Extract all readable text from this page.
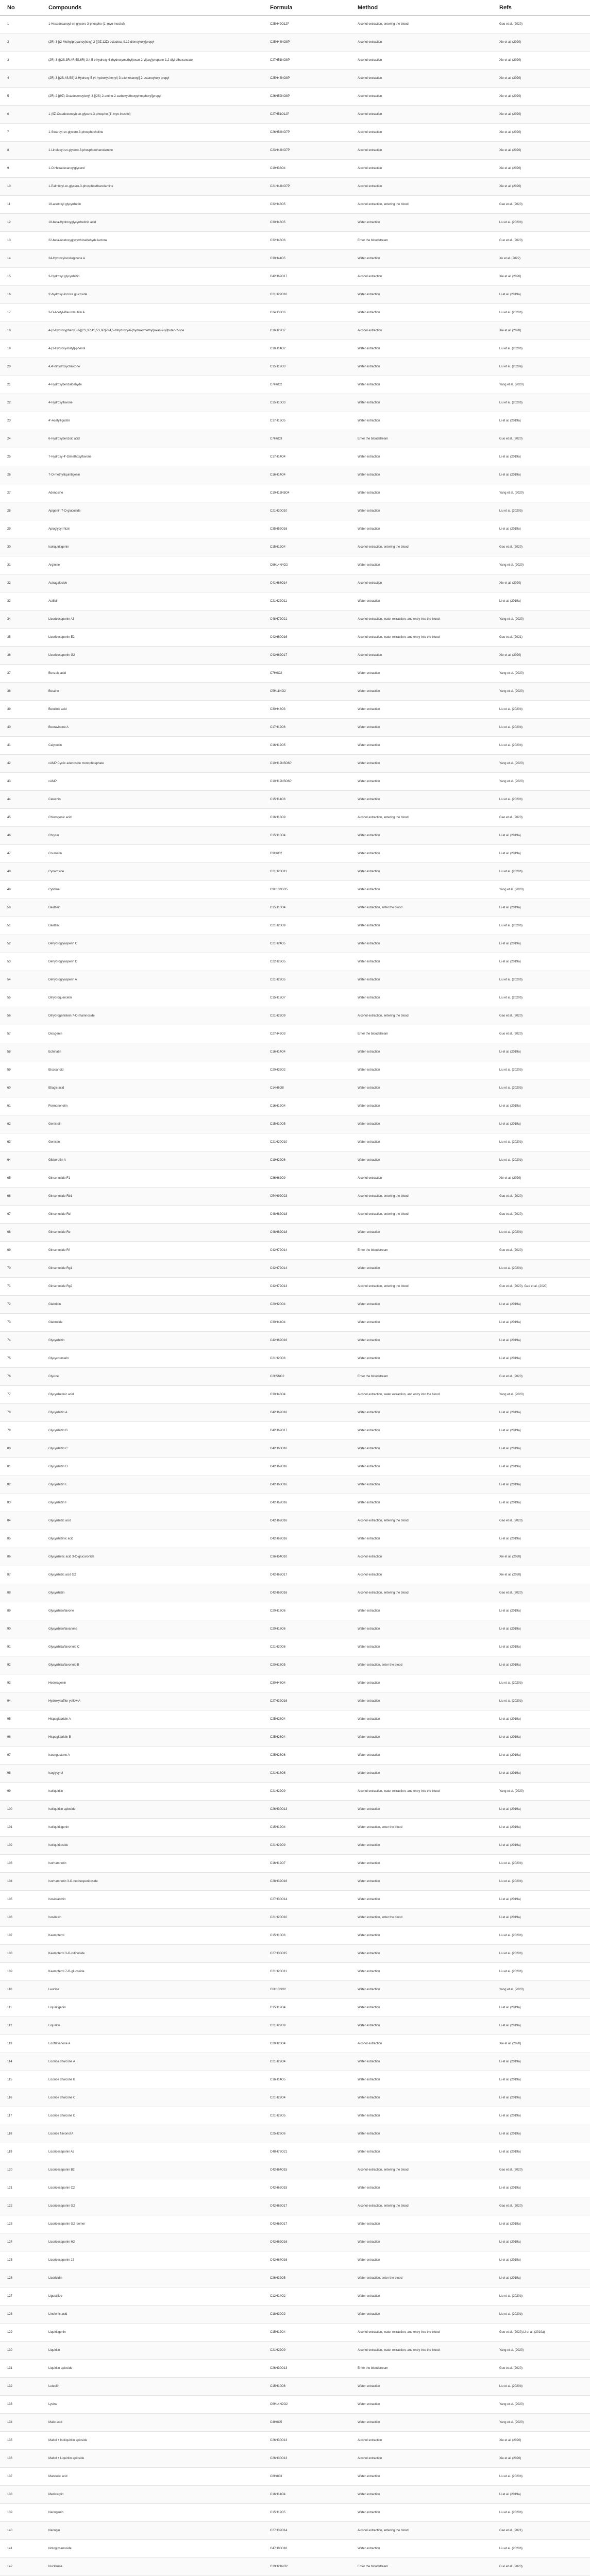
No	Compounds	Formula	Method	Refs
1	1-Hexadecanoyl-sn-glycero-3-phospho-(1'-myo-inositol)	C25H49O12P	Alcohol extraction, entering the blood	Gao et al. (2020)
2	(2R)-3-[(2-Methylpropanoyl)oxy]-2-[(9Z,12Z)-octadeca-9,12-dienoyloxy]propyl	C25H48NO8P	Alcohol extraction	Xie et al. (2020)
3	(2R)-3-{[(2S,3R,4R,5S,6R)-3,4,5-trihydroxy-6-(hydroxymethyl)oxan-2-yl]oxy}propane-1,2-diyl dihexanoate	C27H51NO8P	Alcohol extraction	Xie et al. (2020)
4	(2R)-3-[(2S,4S,5S)-2-Hydroxy-5-(4-hydroxyphenyl)-3-oxohexanoyl]-2-octanoyloxy propyl	C25H48NO8P	Alcohol extraction	Xie et al. (2020)
5	(2R)-2-[(9Z)-Octadecenoyloxy]-3-[(2S)-2-amino-2-carboxyethoxyphosphoryl]propyl	C26H52NO8P	Alcohol extraction	Xie et al. (2020)
6	1-(9Z-Octadecenoyl)-sn-glycero-3-phospho-(1'-myo-inositol)	C27H51O12P	Alcohol extraction	Xie et al. (2020)
7	1-Stearoyl-sn-glycero-3-phosphocholine	C26H54NO7P	Alcohol extraction	Xie et al. (2020)
8	1-Linoleoyl-sn-glycero-3-phosphoethanolamine	C23H44NO7P	Alcohol extraction	Xie et al. (2020)
9	1-O-Hexadecanoylglycerol	C19H38O4	Alcohol extraction	Xie et al. (2020)
10	1-Palmitoyl-sn-glycero-3-phosphoethanolamine	C21H44NO7P	Alcohol extraction	Xie et al. (2020)
11	18-acetoxyl glycyrrhetin	C32H48O5	Alcohol extraction, entering the blood	Gao et al. (2020)
12	18-beta-Hydroxyglycyrrhetinic acid	C30H46O5	Water extraction	Liu et al. (2020b)
13	22-beta-Acetoxyglycyrrhizaldehyde lactone	C32H46O6	Enter the bloodstream	Guo et al. (2020)
14	24-Hydroxyisoviteginone A	C30H44O5	Water extraction	Xu et al. (2022)
15	3-Hydroxyl glycyrrhizin	C42H62O17	Alcohol extraction	Xie et al. (2020)
16	3'-hydroxy-licorice glucoside	C21H22O10	Water extraction	Li et al. (2019a)
17	3-O-Acetyl-Pleuromutilin A	C24H38O6	Water extraction	Liu et al. (2020b)
18	4-(2-Hydroxyphenyl)-3-[(2S,3R,4S,5S,6R)-3,4,5-trihydroxy-6-(hydroxymethyl)oxan-2-yl]butan-2-one	C16H22O7	Alcohol extraction	Xie et al. (2020)
19	4-(3-Hydroxy-butyl)-phenol	C10H14O2	Water extraction	Liu et al. (2020b)
20	4,4'-dihydroxychalcone	C15H12O3	Water extraction	Liu et al. (2020a)
21	4-Hydroxybenzaldehyde	C7H6O2	Water extraction	Yang et al. (2020)
22	4-Hydroxyflavone	C15H10O3	Water extraction	Liu et al. (2020b)
23	4'-Acetylligustin	C17H16O5	Water extraction	Li et al. (2019a)
24	6-Hydroxybenzoic acid	C7H6O3	Enter the bloodstream	Guo et al. (2020)
25	7-Hydroxy-4'-Dimethoxyflavone	C17H14O4	Water extraction	Li et al. (2019a)
26	7-O-methylliquiritigenin	C16H14O4	Water extraction	Li et al. (2019a)
27	Adenosine	C10H13N5O4	Water extraction	Yang et al. (2020)
28	Apigenin 7-O-glucoside	C21H20O10	Water extraction	Liu et al. (2020b)
29	Apioglycyrrhizin	C35H52O16	Water extraction	Li et al. (2019a)
30	Isoliquiritigenin	C15H12O4	Alcohol extraction, entering the blood	Gao et al. (2020)
31	Arginine	C6H14N4O2	Water extraction	Yang et al. (2020)
32	Astragaloside	C41H68O14	Alcohol extraction	Xie et al. (2020)
33	Astilbin	C21H22O11	Water extraction	Li et al. (2019a)
34	Licoricesaponin A3	C48H72O21	Alcohol extraction, water extraction, and entry into the blood	Yang et al. (2020)
35	Licoricesaponin E2	C42H60O16	Alcohol extraction, water extraction, and entry into the blood	Gao et al. (2021)
36	Licoricesaponin G2	C42H62O17	Alcohol extraction	Xie et al. (2020)
37	Benzoic acid	C7H6O2	Water extraction	Yang et al. (2020)
38	Betaine	C5H11NO2	Water extraction	Yang et al. (2020)
39	Betulinic acid	C30H48O3	Water extraction	Liu et al. (2020b)
40	Boeravinone A	C17H12O6	Water extraction	Liu et al. (2020b)
41	Calycosin	C16H12O5	Water extraction	Liu et al. (2020b)
42	cAMP Cyclic adenosine monophosphate	C10H12N5O6P	Water extraction	Yang et al. (2020)
43	cAMP	C10H12N5O6P	Water extraction	Yang et al. (2020)
44	Catechin	C15H14O6	Water extraction	Liu et al. (2020b)
45	Chlorogenic acid	C16H18O9	Alcohol extraction, entering the blood	Gao et al. (2020)
46	Chrysin	C15H10O4	Water extraction	Li et al. (2019a)
47	Coumarin	C9H6O2	Water extraction	Li et al. (2019a)
48	Cynaroside	C21H20O11	Water extraction	Liu et al. (2020b)
49	Cytidine	C9H13N3O5	Water extraction	Yang et al. (2020)
50	Daidzein	C15H10O4	Water extraction, enter the blood	Li et al. (2019a)
51	Daidzin	C21H20O9	Water extraction	Liu et al. (2020b)
52	Dehydroglyasperin C	C21H24O5	Water extraction	Li et al. (2019a)
53	Dehydroglyasperin D	C22H26O5	Water extraction	Li et al. (2019a)
54	Dehydroglyasperin A	C21H22O5	Water extraction	Liu et al. (2020b)
55	Dihydroquercetin	C15H12O7	Water extraction	Liu et al. (2020b)
56	Dihydrogenistein 7-O-rhamnoside	C21H22O9	Alcohol extraction, entering the blood	Gao et al. (2020)
57	Diosgenin	C27H42O3	Enter the bloodstream	Guo et al. (2020)
58	Echinatin	C16H14O4	Water extraction	Li et al. (2019a)
59	Eicosanoid	C20H32O2	Water extraction	Liu et al. (2020b)
60	Ellagic acid	C14H6O8	Water extraction	Liu et al. (2020b)
61	Formononetin	C16H12O4	Water extraction	Li et al. (2019a)
62	Genistein	C15H10O5	Water extraction	Li et al. (2019a)
63	Genistin	C21H20O10	Water extraction	Liu et al. (2020b)
64	Gibberellin A	C19H22O6	Water extraction	Liu et al. (2020b)
65	Ginsenoside F1	C36H62O9	Alcohol extraction	Xie et al. (2020)
66	Ginsenoside Rb1	C54H92O23	Alcohol extraction, entering the blood	Gao et al. (2020)
67	Ginsenoside Rd	C48H82O18	Alcohol extraction, entering the blood	Gao et al. (2020)
68	Ginsenoside Re	C48H82O18	Water extraction	Liu et al. (2020b)
69	Ginsenoside Rf	C42H72O14	Enter the bloodstream	Guo et al. (2020)
70	Ginsenoside Rg1	C42H72O14	Water extraction	Liu et al. (2020b)
71	Ginsenoside Rg2	C42H72O13	Alcohol extraction, entering the blood	Guo et al. (2020), Gao et al. (2020)
72	Glabridin	C20H20O4	Water extraction	Li et al. (2019a)
73	Glabrolide	C30H44O4	Water extraction	Li et al. (2019a)
74	Glycyrrhizin	C42H62O16	Water extraction	Li et al. (2019a)
75	Glycycoumarin	C21H20O6	Water extraction	Li et al. (2019a)
76	Glycine	C2H5NO2	Enter the bloodstream	Guo et al. (2020)
77	Glycyrrhetinic acid	C30H46O4	Alcohol extraction, water extraction, and entry into the blood	Yang et al. (2020)
78	Glycyrrhizin A	C42H62O16	Water extraction	Li et al. (2019a)
79	Glycyrrhizin B	C42H62O17	Water extraction	Li et al. (2019a)
80	Glycyrrhizin C	C42H60O16	Water extraction	Li et al. (2019a)
81	Glycyrrhizin D	C42H62O16	Water extraction	Li et al. (2019a)
82	Glycyrrhizin E	C42H60O16	Water extraction	Li et al. (2019a)
83	Glycyrrhizin F	C42H62O16	Water extraction	Li et al. (2019a)
84	Glycyrrhizic acid	C42H62O16	Alcohol extraction, entering the blood	Gao et al. (2020)
85	Glycyrrhizinic acid	C42H62O16	Water extraction	Li et al. (2019a)
86	Glycyrrhetic acid 3-O-glucuronide	C36H54O10	Alcohol extraction	Xie et al. (2020)
87	Glycyrrhizic acid G2	C42H62O17	Alcohol extraction	Xie et al. (2020)
88	Glycyrrhizin	C42H62O16	Alcohol extraction, entering the blood	Gao et al. (2020)
89	Glycyrrhisoflavone	C20H16O6	Water extraction	Li et al. (2019a)
90	Glycyrrhisoflavanone	C20H18O6	Water extraction	Li et al. (2019a)
91	Glycyrrhizaflavonoid C	C21H20O6	Water extraction	Li et al. (2019a)
92	Glycyrrhizaflavonoid B	C20H18O5	Water extraction, enter the blood	Li et al. (2019a)
93	Hederagenin	C30H48O4	Water extraction	Liu et al. (2020b)
94	Hydroxysafflor yellow A	C27H32O16	Water extraction	Liu et al. (2020b)
95	Hispaglabridin A	C25H28O4	Water extraction	Li et al. (2019a)
96	Hispaglabridin B	C25H26O4	Water extraction	Li et al. (2019a)
97	Isoangustone A	C25H26O6	Water extraction	Li et al. (2019a)
98	Isoglycyrol	C21H18O6	Water extraction	Li et al. (2019a)
99	Isoliquiritin	C21H22O9	Alcohol extraction, water extraction, and entry into the blood	Yang et al. (2020)
100	Isoliquiritin apioside	C26H30O13	Water extraction	Li et al. (2019a)
101	Isoliquiritigenin	C15H12O4	Water extraction, enter the blood	Li et al. (2019a)
102	Isoliquiritoside	C21H22O9	Water extraction	Li et al. (2019a)
103	Isorhamnetin	C16H12O7	Water extraction	Liu et al. (2020b)
104	Isorhamnetin 3-O-neohesperidoside	C28H32O16	Water extraction	Liu et al. (2020b)
105	Isoviolanthin	C27H30O14	Water extraction	Li et al. (2019a)
106	Isovitexin	C21H20O10	Water extraction, enter the blood	Li et al. (2019a)
107	Kaempferol	C15H10O6	Water extraction	Liu et al. (2020b)
108	Kaempferol 3-O-rutinoside	C27H30O15	Water extraction	Liu et al. (2020b)
109	Kaempferol 7-O-glucoside	C21H20O11	Water extraction	Liu et al. (2020b)
110	Leucine	C6H13NO2	Water extraction	Yang et al. (2020)
111	Liquiritigenin	C15H12O4	Water extraction	Li et al. (2019a)
112	Liquiritin	C21H22O9	Water extraction	Li et al. (2019a)
113	Licoflavanone A	C20H20O4	Alcohol extraction	Xie et al. (2020)
114	Licorice chalcone A	C21H22O4	Water extraction	Li et al. (2019a)
115	Licorice chalcone B	C16H14O5	Water extraction	Li et al. (2019a)
116	Licorice chalcone C	C21H22O4	Water extraction	Li et al. (2019a)
117	Licorice chalcone D	C21H22O5	Water extraction	Li et al. (2019a)
118	Licorice flavonol A	C25H26O6	Water extraction	Li et al. (2019a)
119	Licoricesaponin A3	C48H72O21	Water extraction	Li et al. (2019a)
120	Licoricesaponin B2	C42H64O15	Alcohol extraction, entering the blood	Gao et al. (2020)
121	Licoricesaponin C2	C42H62O15	Water extraction	Li et al. (2019a)
122	Licoricesaponin G2	C42H62O17	Alcohol extraction, entering the blood	Gao et al. (2020)
123	Licoricesaponin G2 Isomer	C42H62O17	Water extraction	Li et al. (2019a)
124	Licoricesaponin H2	C42H62O16	Water extraction	Li et al. (2019a)
125	Licoricesaponin J2	C42H64O16	Water extraction	Li et al. (2019a)
126	Licoricidin	C26H32O5	Water extraction, enter the blood	Li et al. (2019a)
127	Ligustilide	C12H14O2	Water extraction	Liu et al. (2020b)
128	Linolenic acid	C18H30O2	Water extraction	Liu et al. (2020b)
129	Liquiritigenin	C15H12O4	Alcohol extraction, water extraction, and entry into the blood	Guo et al. (2020),Li et al. (2019a)
130	Liquiritin	C21H22O9	Alcohol extraction, water extraction, and entry into the blood	Yang et al. (2020)
131	Liquiritin apioside	C26H30O13	Enter the bloodstream	Guo et al. (2020)
132	Luteolin	C15H10O6	Water extraction	Liu et al. (2020b)
133	Lysine	C6H14N2O2	Water extraction	Yang et al. (2020)
134	Malic acid	C4H6O5	Water extraction	Yang et al. (2020)
135	Maltol + Isoliquiritin apioside	C26H30O13	Alcohol extraction	Xie et al. (2020)
136	Maltol + Liquiritin apioside	C26H30O13	Alcohol extraction	Xie et al. (2020)
137	Mandelic acid	C8H8O3	Water extraction	Liu et al. (2020b)
138	Medicarpin	C16H14O4	Water extraction	Li et al. (2019a)
139	Naringenin	C15H12O5	Water extraction	Liu et al. (2020b)
140	Naringin	C27H32O14	Alcohol extraction, entering the blood	Gao et al. (2021)
141	Notoginsenoside	C47H80O18	Water extraction	Liu et al. (2020b)
142	Nuciferine	C19H21NO2	Enter the bloodstream	Guo et al. (2020)
